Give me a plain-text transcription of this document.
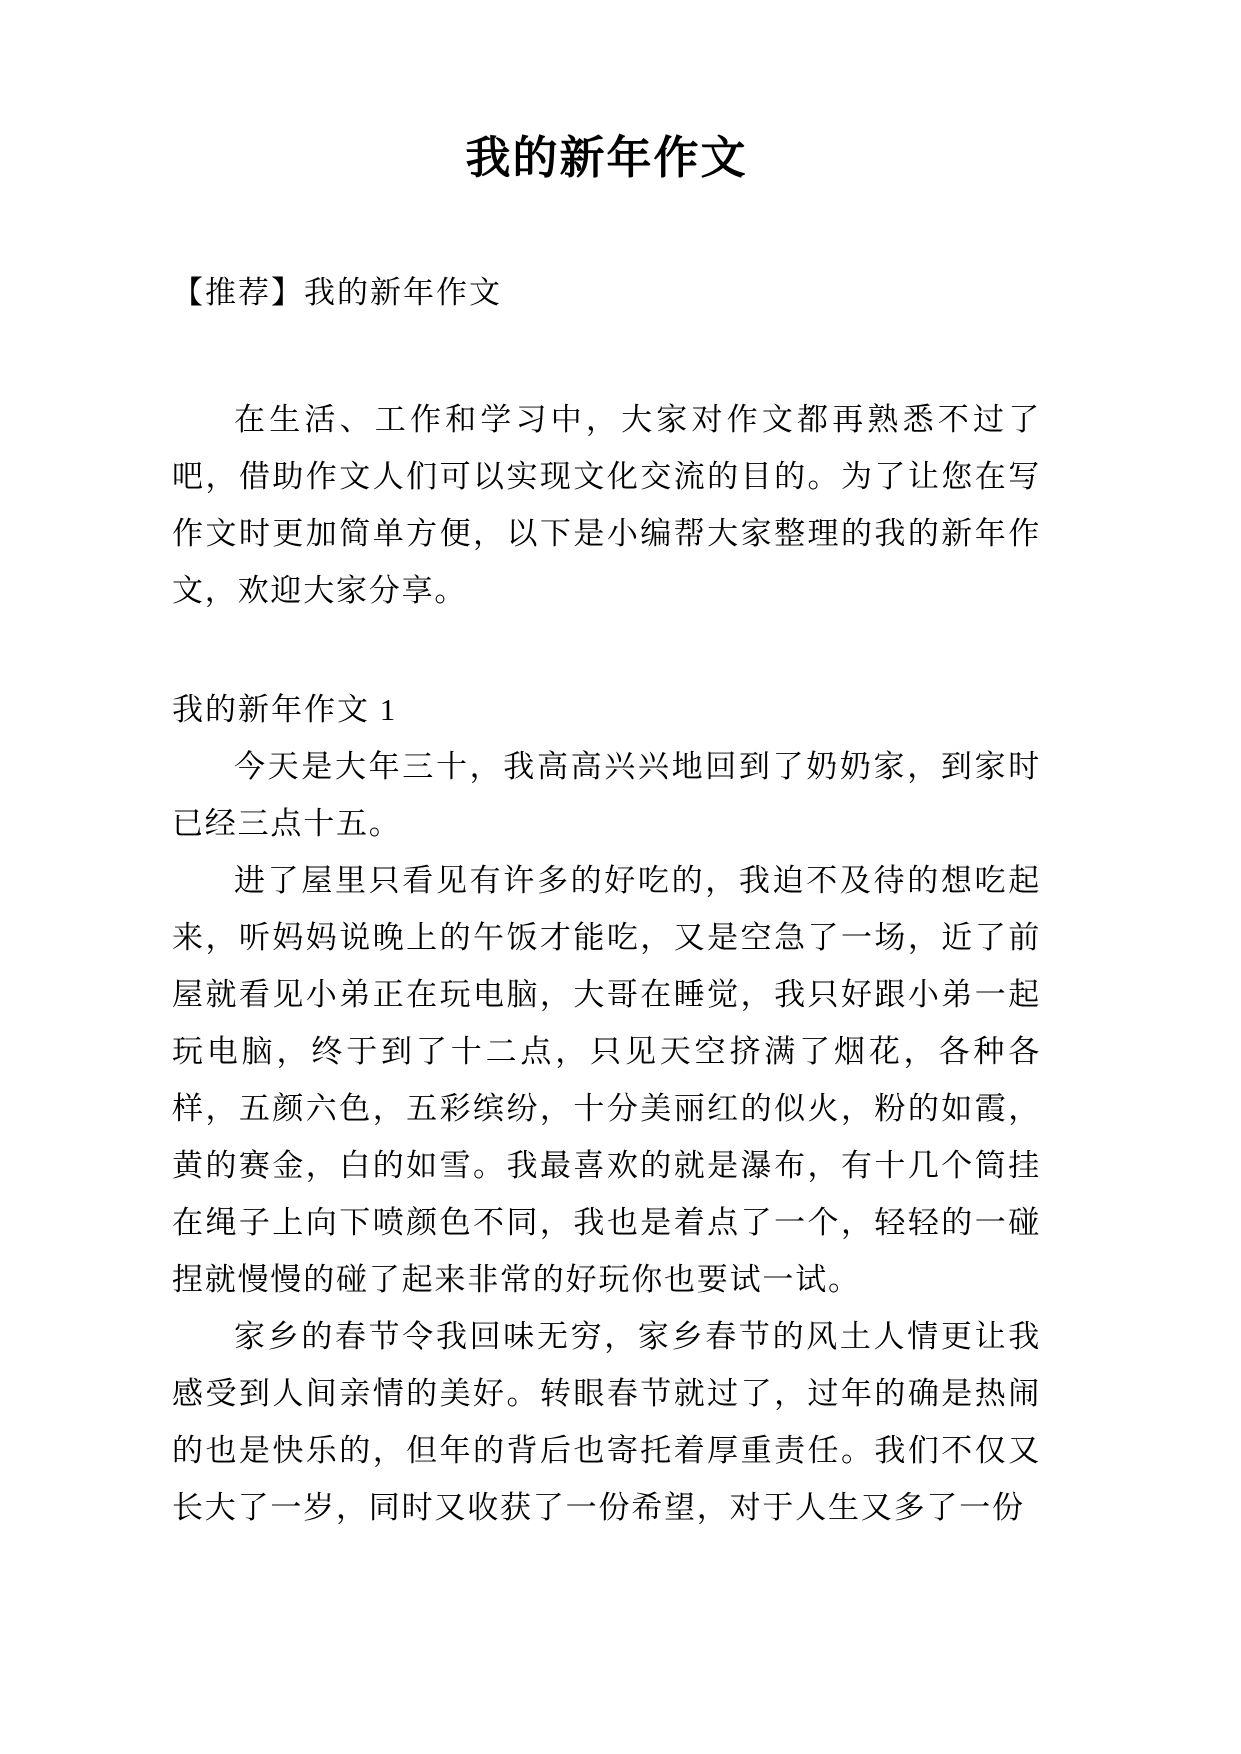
我的新年作文

【推荐】我的新年作文

在生活、工作和学习中，大家对作文都再熟悉不过了吧，借助作文人们可以实现文化交流的目的。为了让您在写作文时更加简单方便，以下是小编帮大家整理的我的新年作文，欢迎大家分享。

我的新年作文 1

今天是大年三十，我高高兴兴地回到了奶奶家，到家时已经三点十五。

进了屋里只看见有许多的好吃的，我迫不及待的想吃起来，听妈妈说晚上的午饭才能吃，又是空急了一场，近了前屋就看见小弟正在玩电脑，大哥在睡觉，我只好跟小弟一起玩电脑，终于到了十二点，只见天空挤满了烟花，各种各样，五颜六色，五彩缤纷，十分美丽红的似火，粉的如霞，黄的赛金，白的如雪。我最喜欢的就是瀑布，有十几个筒挂在绳子上向下喷颜色不同，我也是着点了一个，轻轻的一碰捏就慢慢的碰了起来非常的好玩你也要试一试。

家乡的春节令我回味无穷，家乡春节的风土人情更让我感受到人间亲情的美好。转眼春节就过了，过年的确是热闹的也是快乐的，但年的背后也寄托着厚重责任。我们不仅又长大了一岁，同时又收获了一份希望，对于人生又多了一份
